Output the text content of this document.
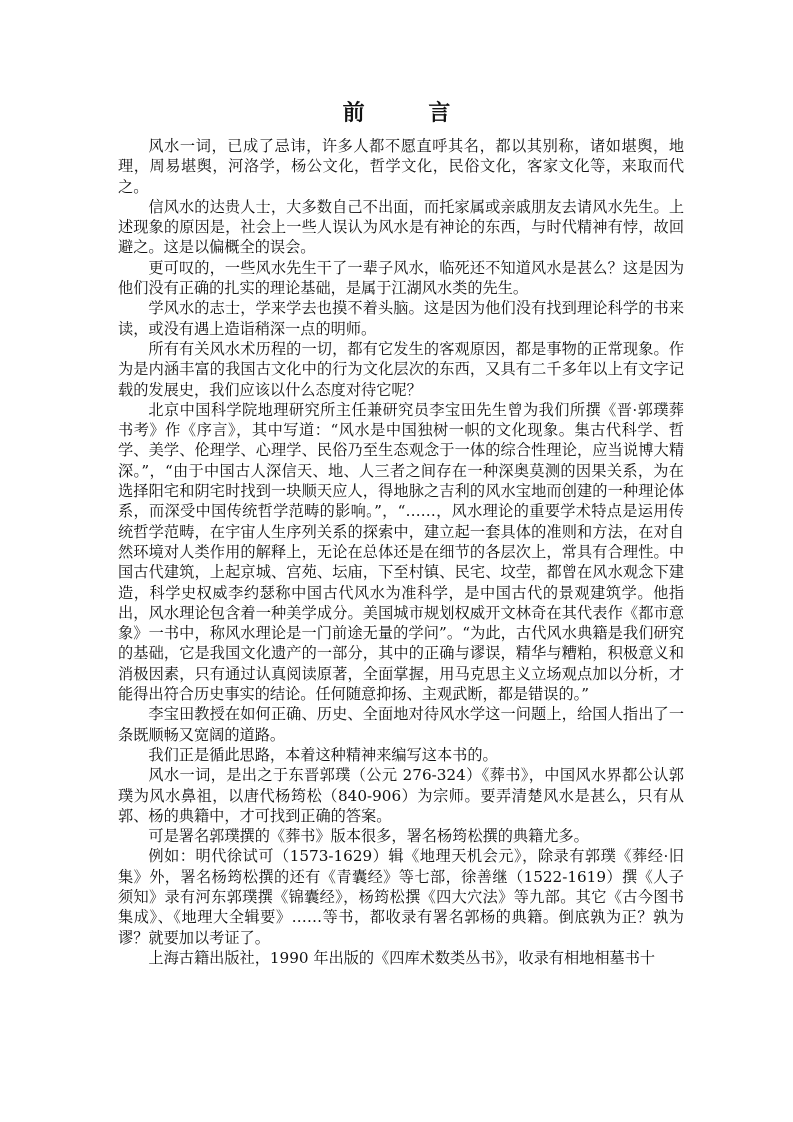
前 言

风水一词，已成了忌讳，许多人都不愿直呼其名，都以其别称，诸如堪舆，地理，周易堪舆，河洛学，杨公文化，哲学文化，民俗文化，客家文化等，来取而代之。

信风水的达贵人士，大多数自己不出面，而托家属或亲戚朋友去请风水先生。上述现象的原因是，社会上一些人误认为风水是有神论的东西，与时代精神有悖，故回避之。这是以偏概全的误会。

更可叹的，一些风水先生干了一辈子风水，临死还不知道风水是甚么？这是因为他们没有正确的扎实的理论基础，是属于江湖风水类的先生。

学风水的志士，学来学去也摸不着头脑。这是因为他们没有找到理论科学的书来读，或没有遇上造诣稍深一点的明师。

所有有关风水术历程的一切，都有它发生的客观原因，都是事物的正常现象。作为是内涵丰富的我国古文化中的行为文化层次的东西，又具有二千多年以上有文字记载的发展史，我们应该以什么态度对待它呢？

北京中国科学院地理研究所主任兼研究员李宝田先生曾为我们所撰《晋·郭璞葬书考》作《序言》，其中写道：“风水是中国独树一帜的文化现象。集古代科学、哲学、美学、伦理学、心理学、民俗乃至生态观念于一体的综合性理论，应当说博大精深。”，“由于中国古人深信天、地、人三者之间存在一种深奥莫测的因果关系，为在选择阳宅和阴宅时找到一块顺天应人，得地脉之吉利的风水宝地而创建的一种理论体系，而深受中国传统哲学范畴的影响。”，“……，风水理论的重要学术特点是运用传统哲学范畴，在宇宙人生序列关系的探索中，建立起一套具体的准则和方法，在对自然环境对人类作用的解释上，无论在总体还是在细节的各层次上，常具有合理性。中国古代建筑，上起京城、宫苑、坛庙，下至村镇、民宅、坟茔，都曾在风水观念下建造，科学史权威李约瑟称中国古代风水为准科学，是中国古代的景观建筑学。他指出，风水理论包含着一种美学成分。美国城市规划权威开文林奇在其代表作《都市意象》一书中，称风水理论是一门前途无量的学问”。“为此，古代风水典籍是我们研究的基础，它是我国文化遗产的一部分，其中的正确与谬误，精华与糟粕，积极意义和消极因素，只有通过认真阅读原著，全面掌握，用马克思主义立场观点加以分析，才能得出符合历史事实的结论。任何随意抑扬、主观武断，都是错误的。”

李宝田教授在如何正确、历史、全面地对待风水学这一问题上，给国人指出了一条既顺畅又宽阔的道路。

我们正是循此思路，本着这种精神来编写这本书的。

风水一词，是出之于东晋郭璞（公元 276-324）《葬书》，中国风水界都公认郭璞为风水鼻祖，以唐代杨筠松（840-906）为宗师。要弄清楚风水是甚么，只有从郭、杨的典籍中，才可找到正确的答案。

可是署名郭璞撰的《葬书》版本很多，署名杨筠松撰的典籍尤多。

例如：明代徐试可（1573-1629）辑《地理天机会元》，除录有郭璞《葬经·旧集》外，署名杨筠松撰的还有《青囊经》等七部，徐善继（1522-1619）撰《人子须知》录有河东郭璞撰《锦囊经》，杨筠松撰《四大穴法》等九部。其它《古今图书集成》、《地理大全辑要》……等书，都收录有署名郭杨的典籍。倒底孰为正？孰为谬？就要加以考证了。

上海古籍出版社，1990 年出版的《四库术数类丛书》，收录有相地相墓书十
